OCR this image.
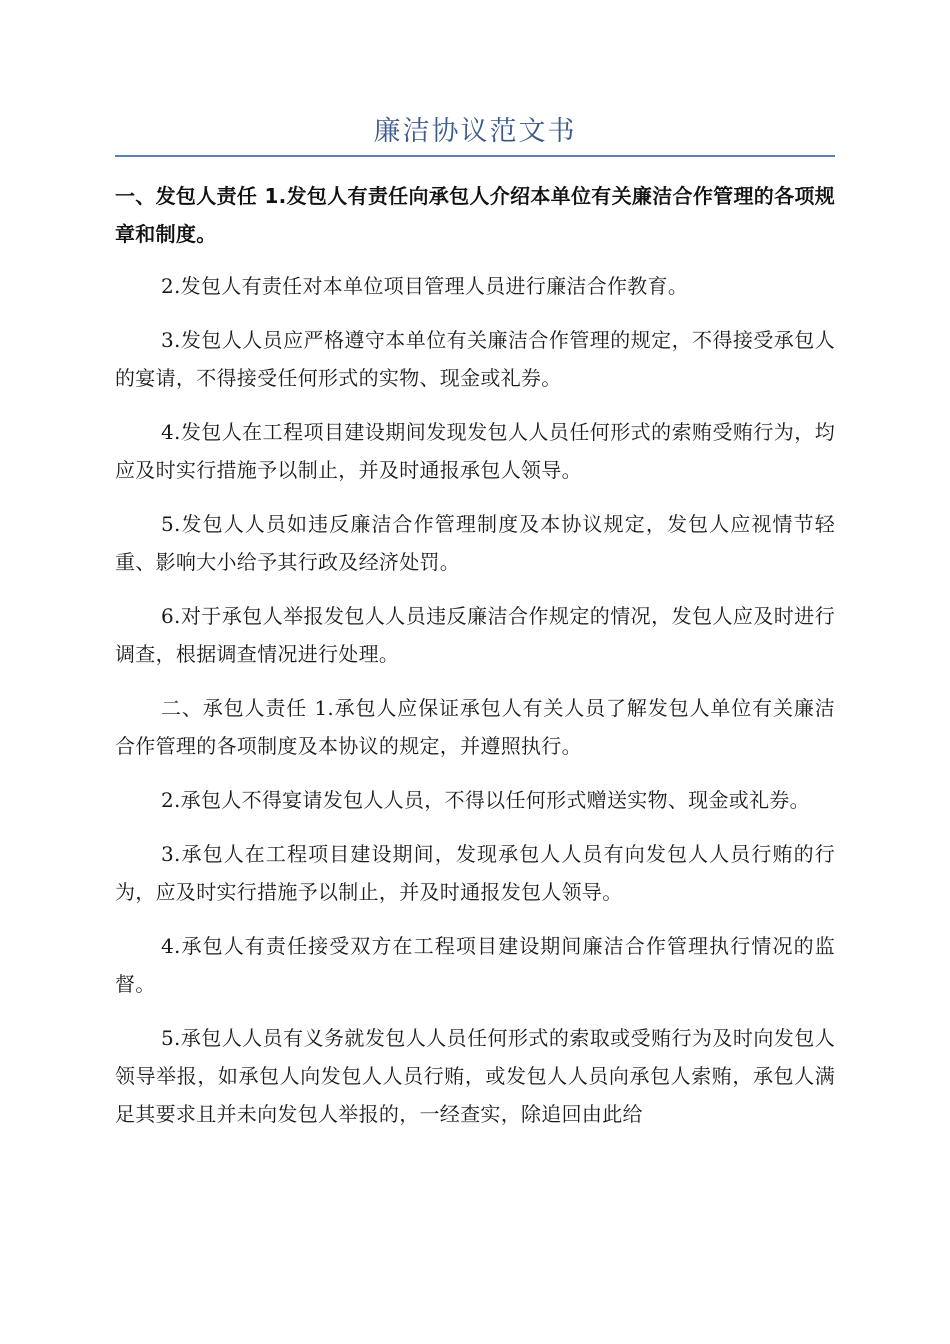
廉洁协议范文书

一、发包人责任 1.发包人有责任向承包人介绍本单位有关廉洁合作管理的各项规章和制度。

2.发包人有责任对本单位项目管理人员进行廉洁合作教育。

3.发包人人员应严格遵守本单位有关廉洁合作管理的规定，不得接受承包人的宴请，不得接受任何形式的实物、现金或礼券。

4.发包人在工程项目建设期间发现发包人人员任何形式的索贿受贿行为，均应及时实行措施予以制止，并及时通报承包人领导。

5.发包人人员如违反廉洁合作管理制度及本协议规定，发包人应视情节轻重、影响大小给予其行政及经济处罚。

6.对于承包人举报发包人人员违反廉洁合作规定的情况，发包人应及时进行调查，根据调查情况进行处理。

二、承包人责任 1.承包人应保证承包人有关人员了解发包人单位有关廉洁合作管理的各项制度及本协议的规定，并遵照执行。

2.承包人不得宴请发包人人员，不得以任何形式赠送实物、现金或礼券。

3.承包人在工程项目建设期间，发现承包人人员有向发包人人员行贿的行为，应及时实行措施予以制止，并及时通报发包人领导。

4.承包人有责任接受双方在工程项目建设期间廉洁合作管理执行情况的监督。

5.承包人人员有义务就发包人人员任何形式的索取或受贿行为及时向发包人领导举报，如承包人向发包人人员行贿，或发包人人员向承包人索贿，承包人满足其要求且并未向发包人举报的，一经查实，除追回由此给
